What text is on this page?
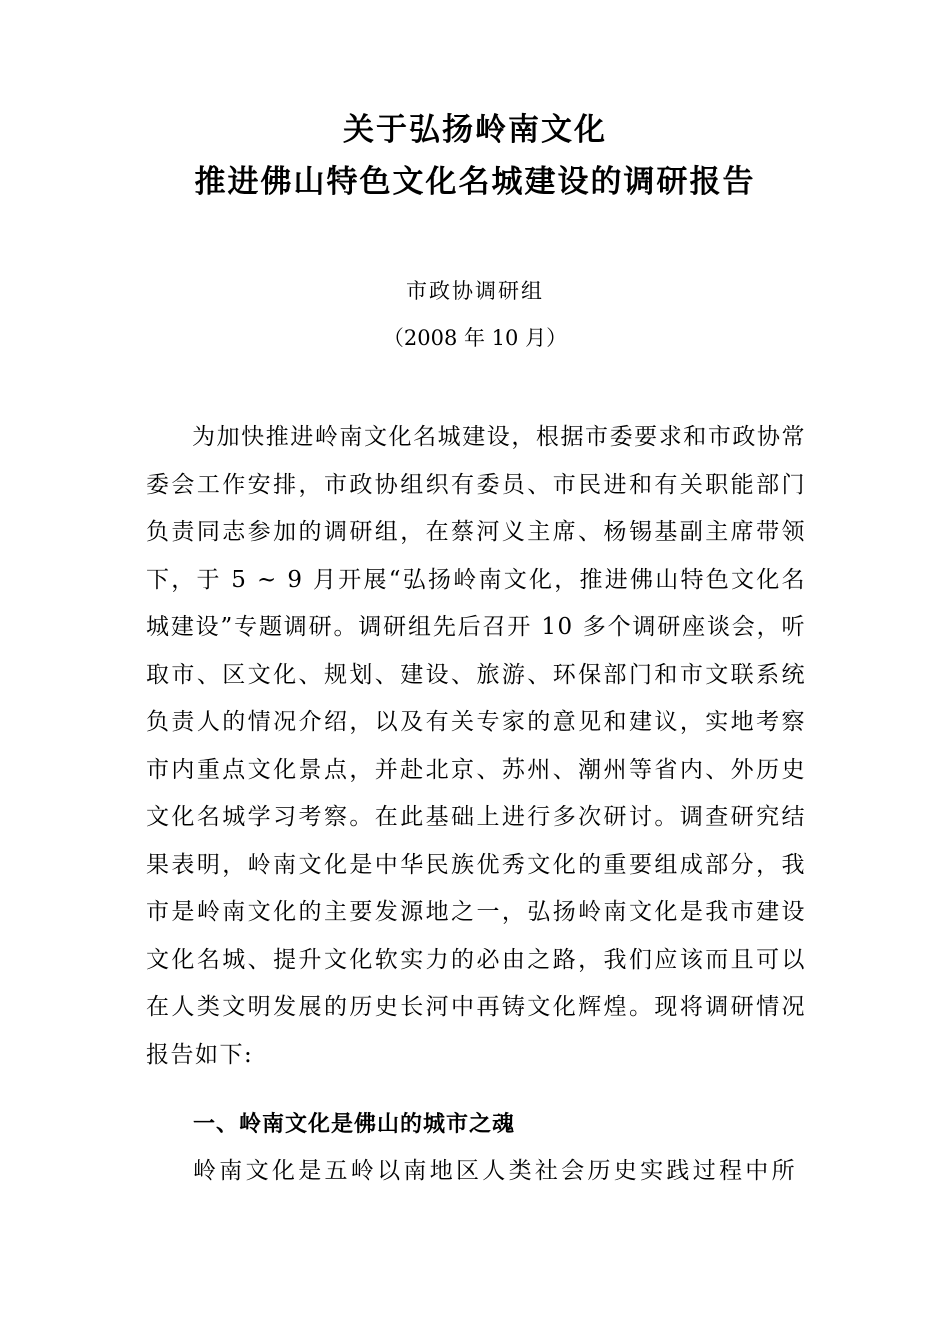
关于弘扬岭南文化
推进佛山特色文化名城建设的调研报告
市政协调研组
（2008 年 10 月）
为加快推进岭南文化名城建设，根据市委要求和市政协常委会工作安排，市政协组织有委员、市民进和有关职能部门负责同志参加的调研组，在蔡河义主席、杨锡基副主席带领下，于 5 ~ 9 月开展“弘扬岭南文化，推进佛山特色文化名城建设”专题调研。调研组先后召开 10 多个调研座谈会，听取市、区文化、规划、建设、旅游、环保部门和市文联系统负责人的情况介绍，以及有关专家的意见和建议，实地考察市内重点文化景点，并赴北京、苏州、潮州等省内、外历史文化名城学习考察。在此基础上进行多次研讨。调查研究结果表明，岭南文化是中华民族优秀文化的重要组成部分，我市是岭南文化的主要发源地之一，弘扬岭南文化是我市建设文化名城、提升文化软实力的必由之路，我们应该而且可以在人类文明发展的历史长河中再铸文化辉煌。现将调研情况报告如下:
一、岭南文化是佛山的城市之魂
岭南文化是五岭以南地区人类社会历史实践过程中所
